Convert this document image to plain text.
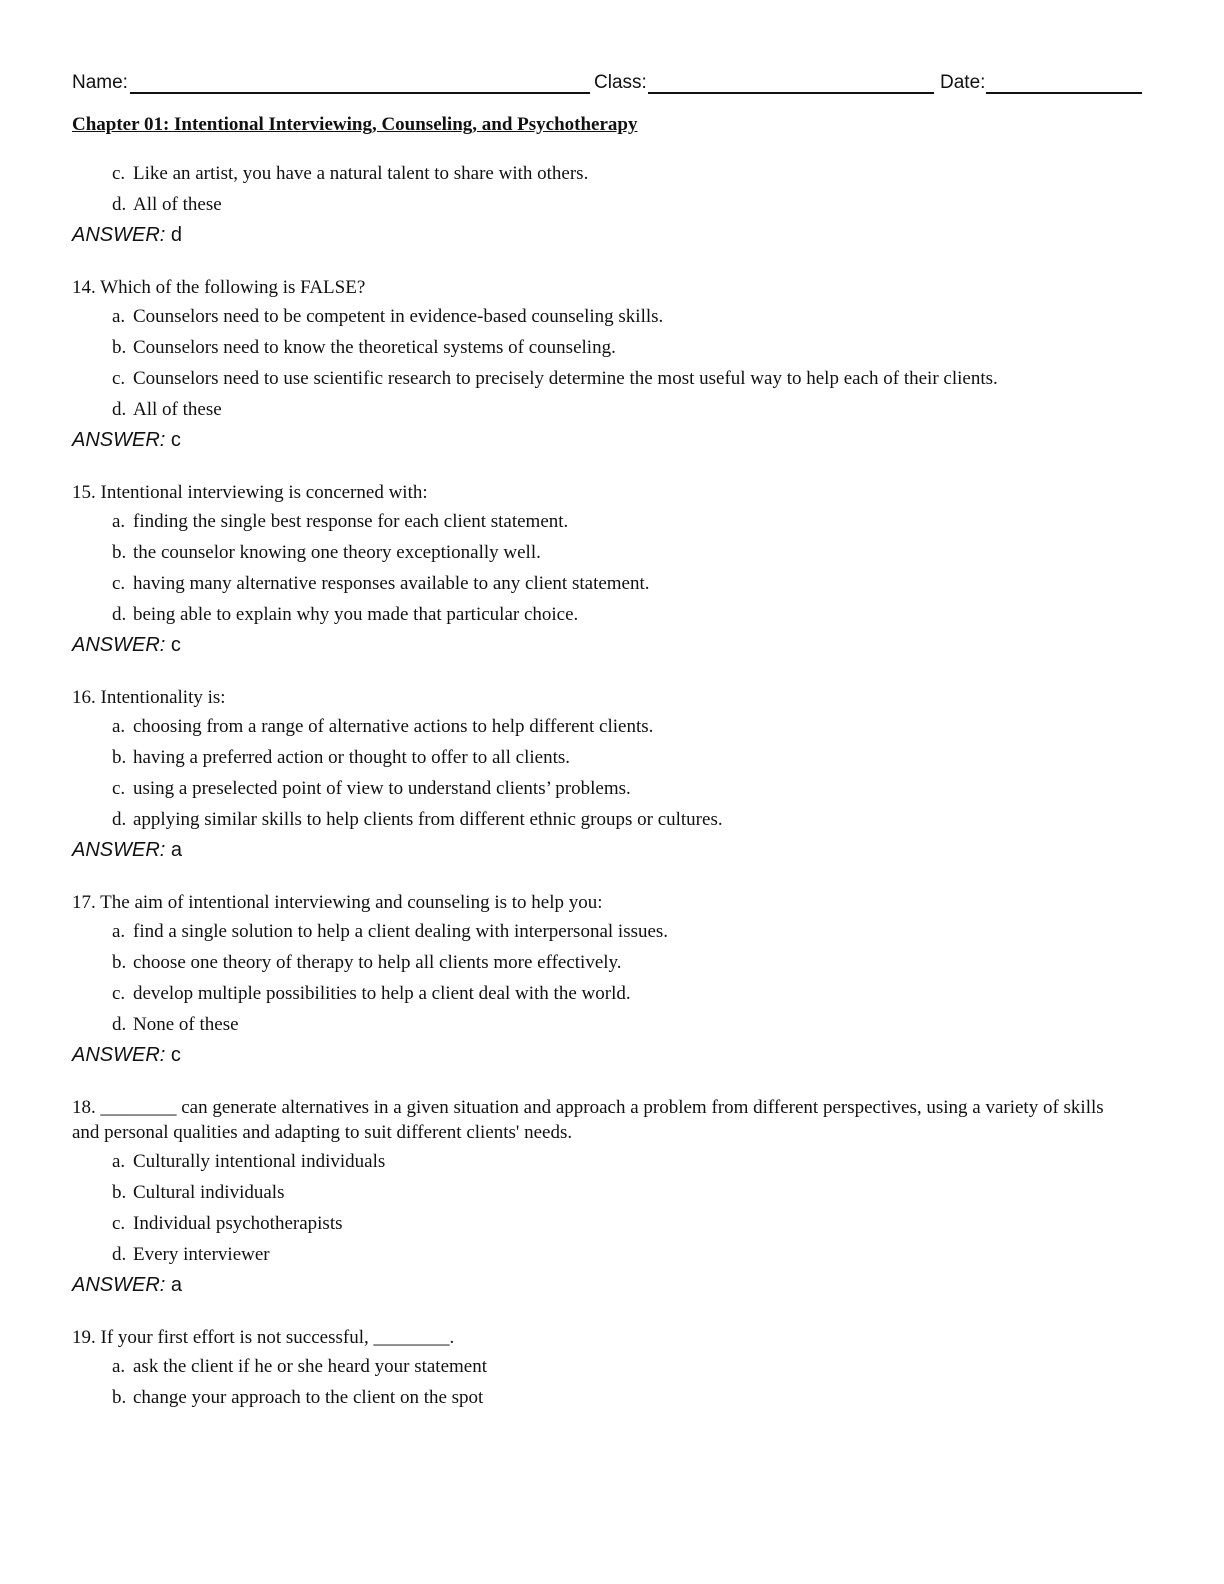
Name:	Class:	Date:
Chapter 01: Intentional Interviewing, Counseling, and Psychotherapy
c. Like an artist, you have a natural talent to share with others.
d. All of these
ANSWER: d
14. Which of the following is FALSE?
a. Counselors need to be competent in evidence-based counseling skills.
b. Counselors need to know the theoretical systems of counseling.
c. Counselors need to use scientific research to precisely determine the most useful way to help each of their clients.
d. All of these
ANSWER: c
15. Intentional interviewing is concerned with:
a. finding the single best response for each client statement.
b. the counselor knowing one theory exceptionally well.
c. having many alternative responses available to any client statement.
d. being able to explain why you made that particular choice.
ANSWER: c
16. Intentionality is:
a. choosing from a range of alternative actions to help different clients.
b. having a preferred action or thought to offer to all clients.
c. using a preselected point of view to understand clients’ problems.
d. applying similar skills to help clients from different ethnic groups or cultures.
ANSWER: a
17. The aim of intentional interviewing and counseling is to help you:
a. find a single solution to help a client dealing with interpersonal issues.
b. choose one theory of therapy to help all clients more effectively.
c. develop multiple possibilities to help a client deal with the world.
d. None of these
ANSWER: c
18. ________ can generate alternatives in a given situation and approach a problem from different perspectives, using a variety of skills and personal qualities and adapting to suit different clients' needs.
a. Culturally intentional individuals
b. Cultural individuals
c. Individual psychotherapists
d. Every interviewer
ANSWER: a
19. If your first effort is not successful, ________.
a. ask the client if he or she heard your statement
b. change your approach to the client on the spot
